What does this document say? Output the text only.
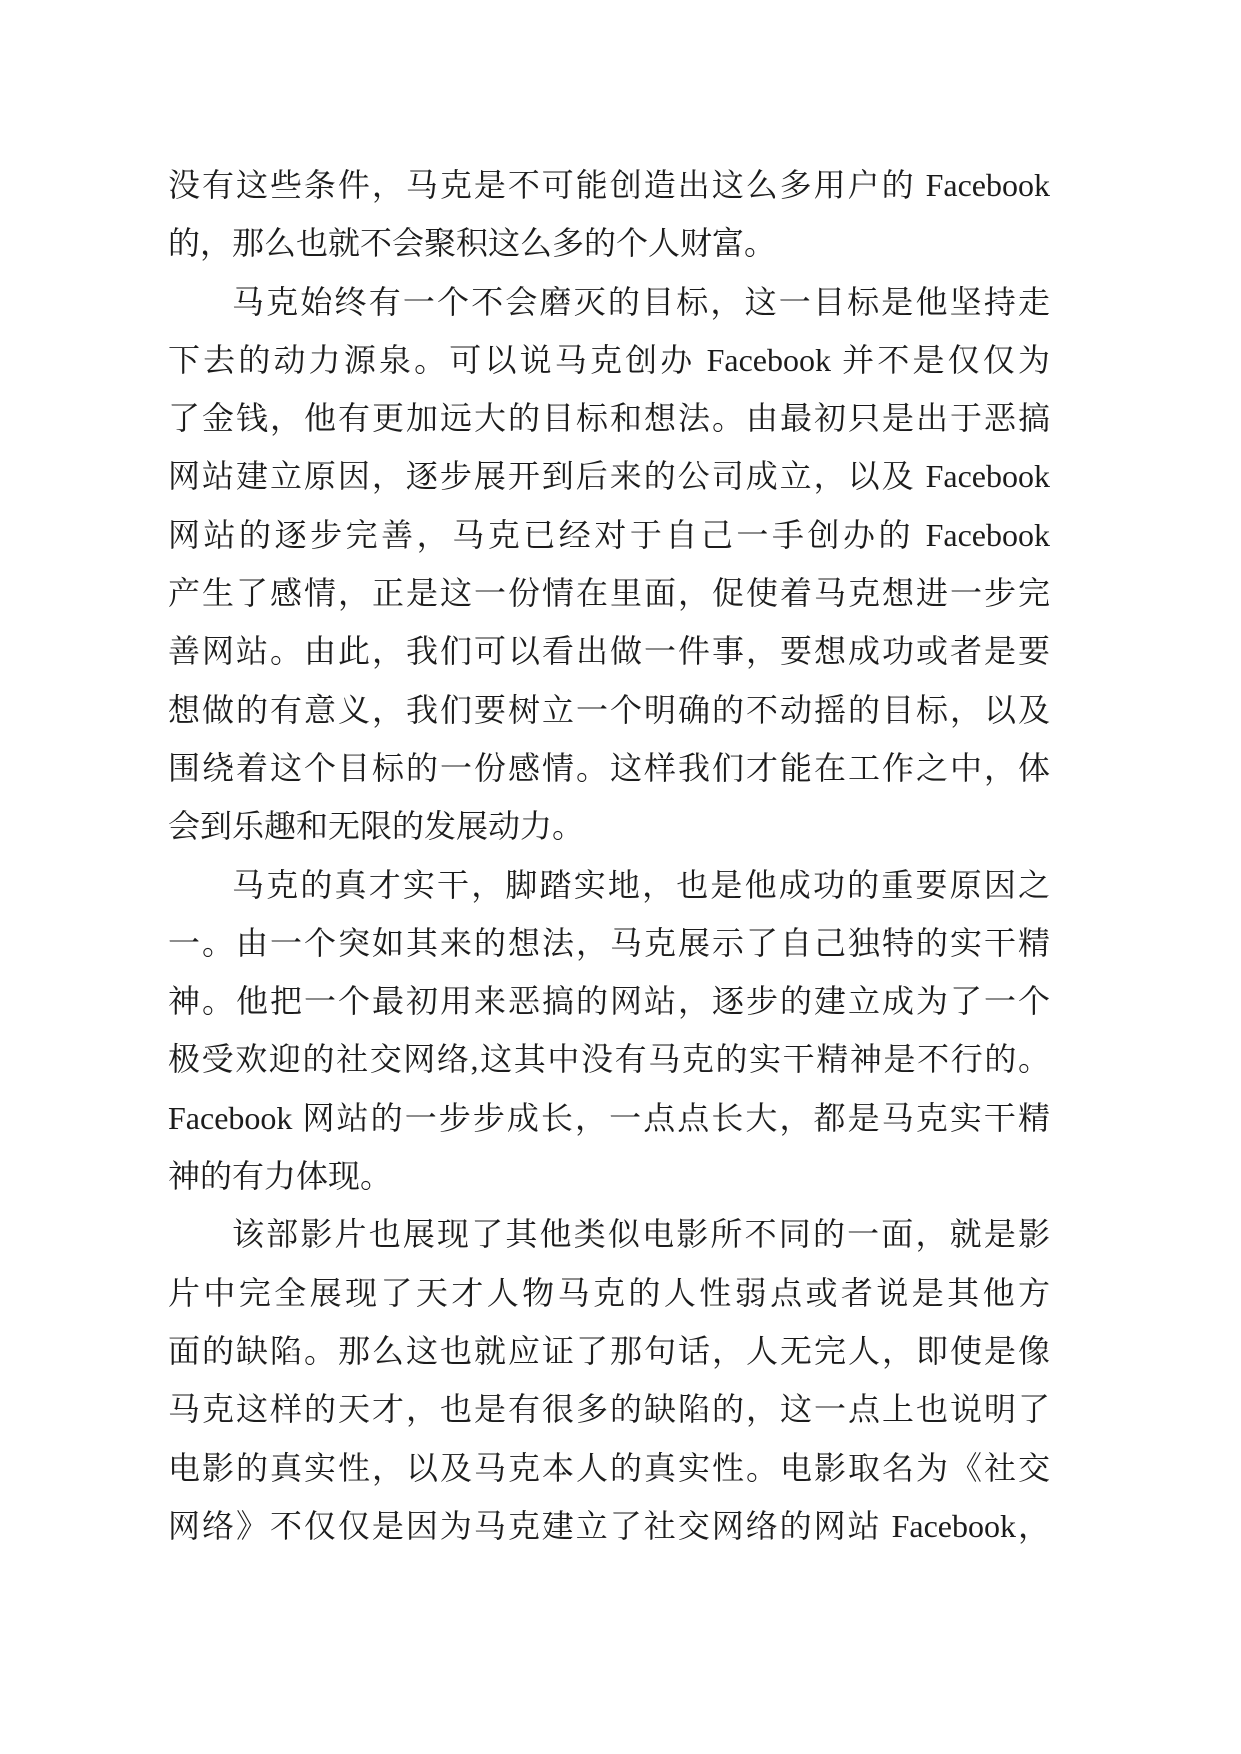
没有这些条件，马克是不可能创造出这么多用户的 Facebook
的，那么也就不会聚积这么多的个人财富。
马克始终有一个不会磨灭的目标，这一目标是他坚持走
下去的动力源泉。可以说马克创办 Facebook 并不是仅仅为
了金钱，他有更加远大的目标和想法。由最初只是出于恶搞
网站建立原因，逐步展开到后来的公司成立，以及 Facebook
网站的逐步完善，马克已经对于自己一手创办的 Facebook
产生了感情，正是这一份情在里面，促使着马克想进一步完
善网站。由此，我们可以看出做一件事，要想成功或者是要
想做的有意义，我们要树立一个明确的不动摇的目标，以及
围绕着这个目标的一份感情。这样我们才能在工作之中，体
会到乐趣和无限的发展动力。
马克的真才实干，脚踏实地，也是他成功的重要原因之
一。由一个突如其来的想法，马克展示了自己独特的实干精
神。他把一个最初用来恶搞的网站，逐步的建立成为了一个
极受欢迎的社交网络,这其中没有马克的实干精神是不行的。
Facebook 网站的一步步成长，一点点长大，都是马克实干精
神的有力体现。
该部影片也展现了其他类似电影所不同的一面，就是影
片中完全展现了天才人物马克的人性弱点或者说是其他方
面的缺陷。那么这也就应证了那句话，人无完人，即使是像
马克这样的天才，也是有很多的缺陷的，这一点上也说明了
电影的真实性，以及马克本人的真实性。电影取名为《社交
网络》不仅仅是因为马克建立了社交网络的网站 Facebook，
